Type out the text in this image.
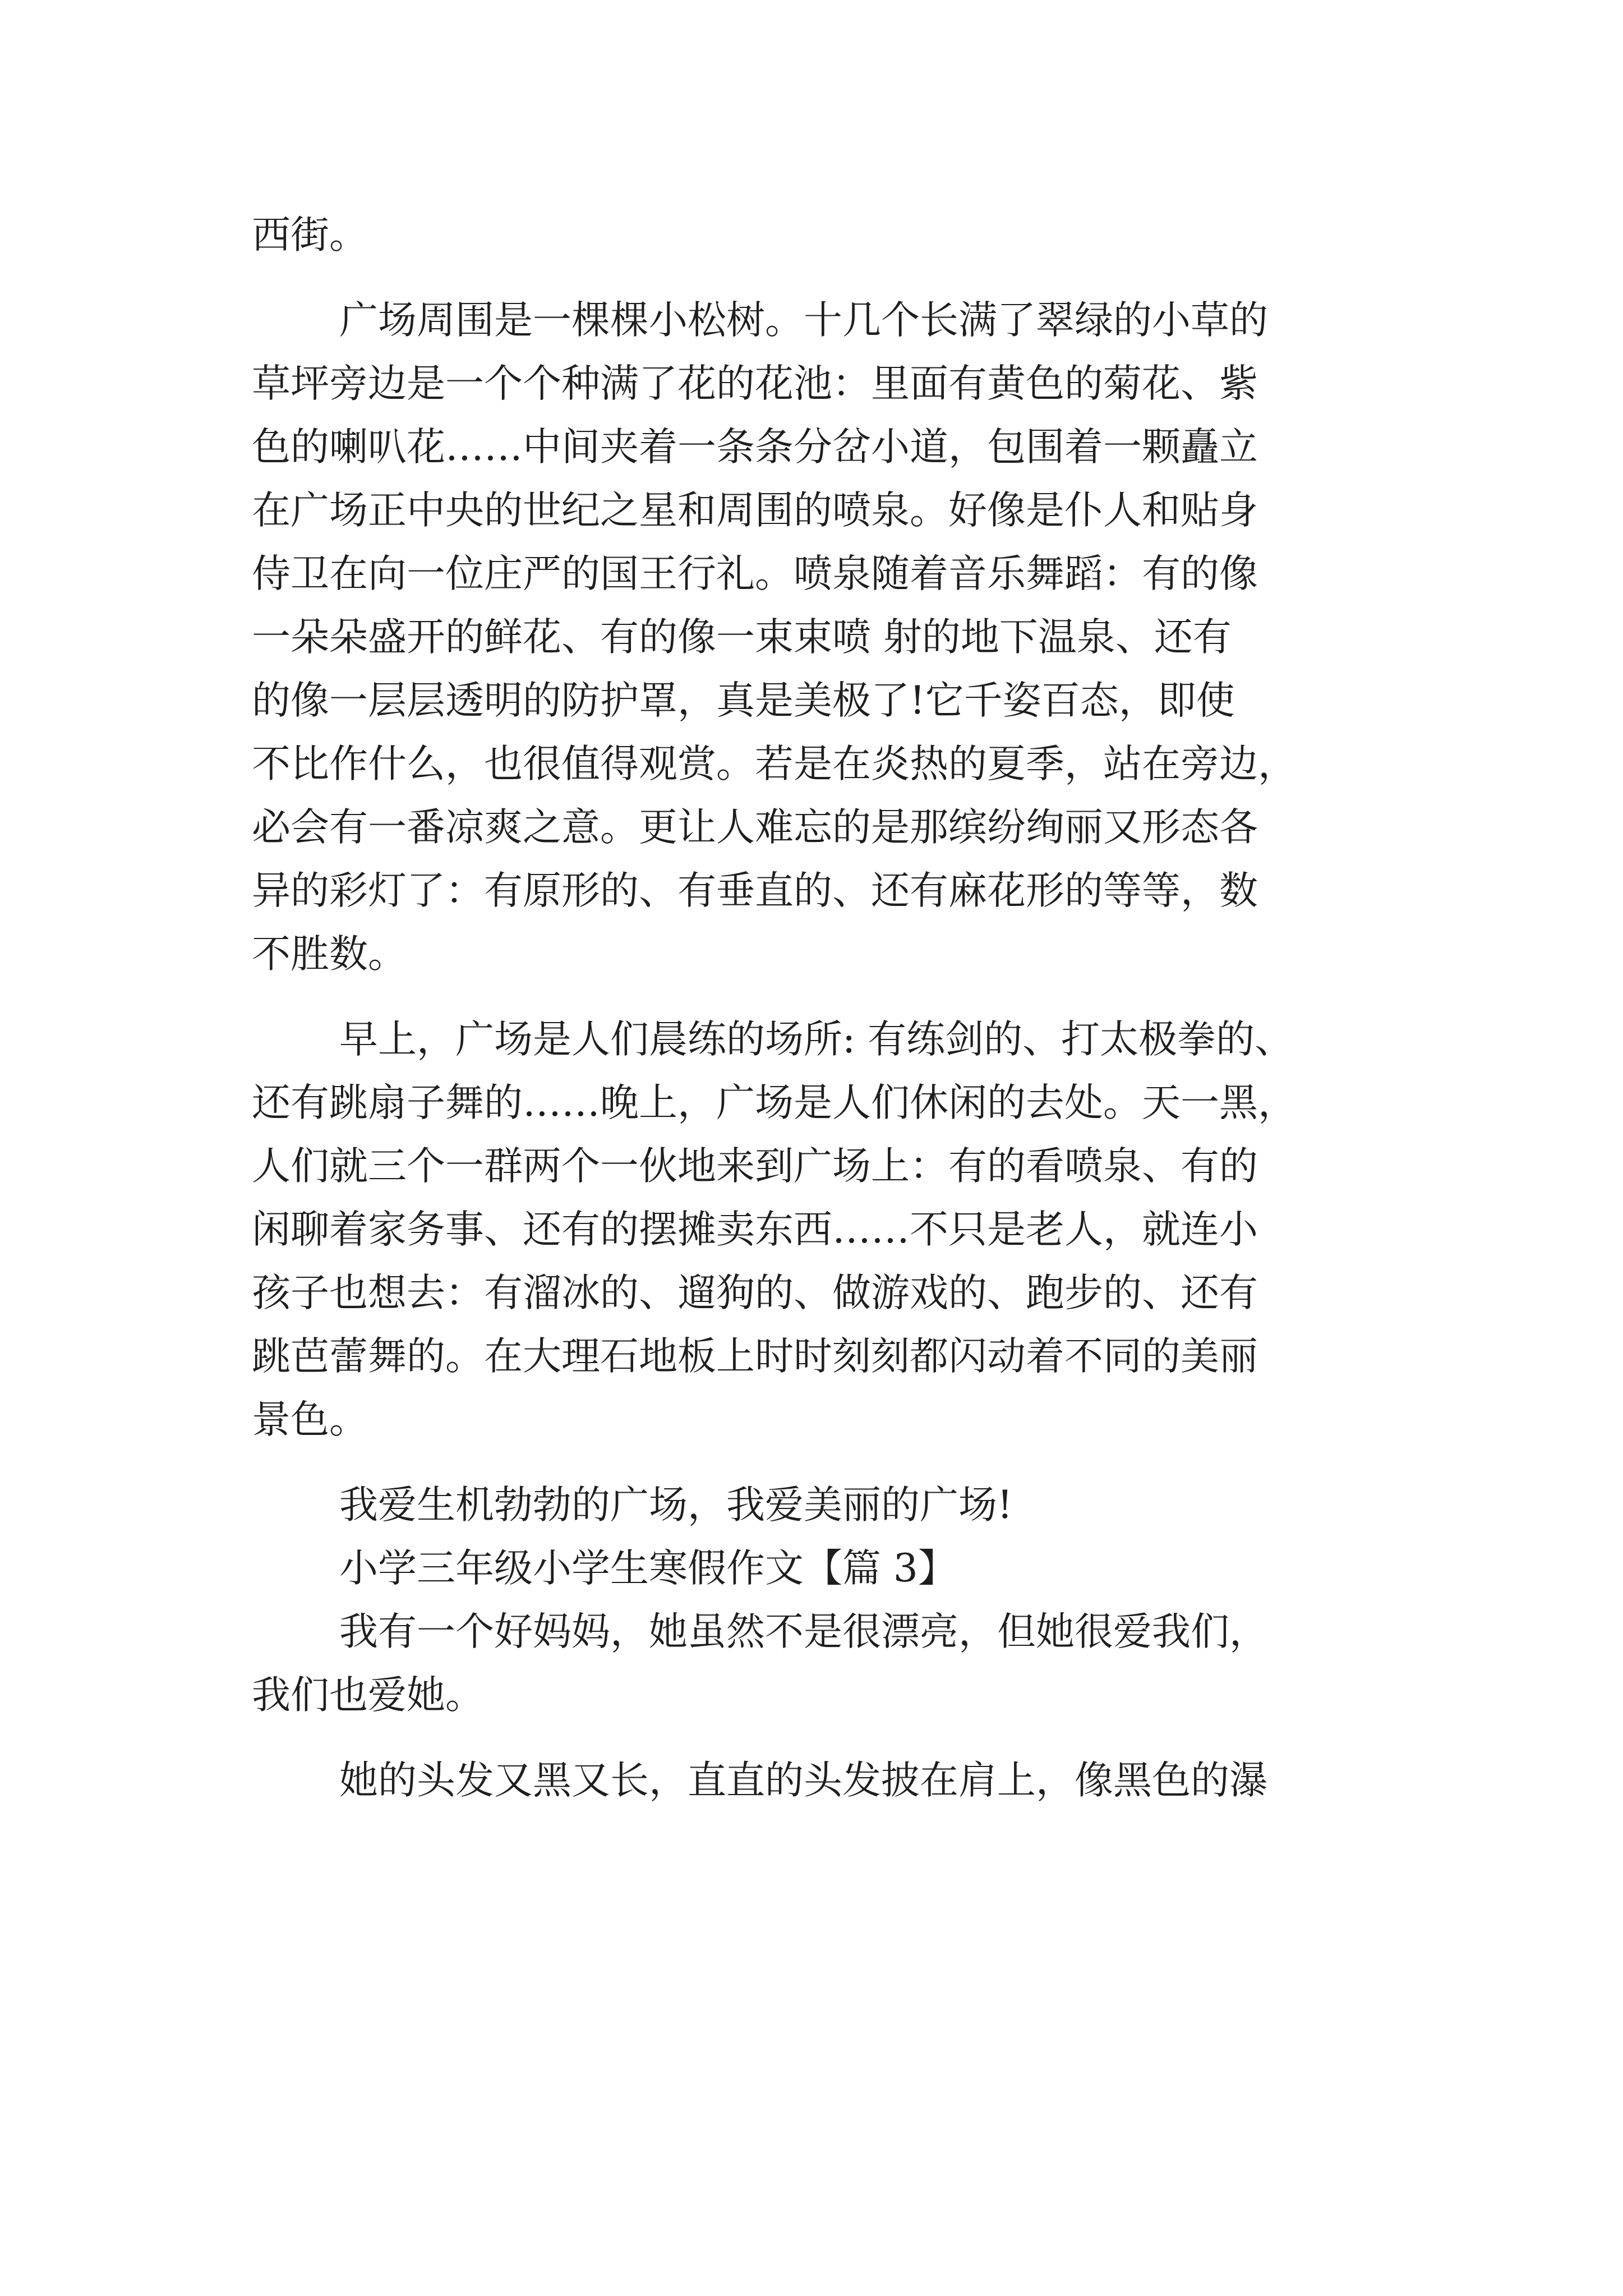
西街。
广场周围是一棵棵小松树。十几个长满了翠绿的小草的
草坪旁边是一个个种满了花的花池：里面有黄色的菊花、紫
色的喇叭花……中间夹着一条条分岔小道，包围着一颗矗立
在广场正中央的世纪之星和周围的喷泉。好像是仆人和贴身
侍卫在向一位庄严的国王行礼。喷泉随着音乐舞蹈：有的像
一朵朵盛开的鲜花、有的像一束束喷 射的地下温泉、还有
的像一层层透明的防护罩，真是美极了!它千姿百态，即使
不比作什么，也很值得观赏。若是在炎热的夏季，站在旁边，
必会有一番凉爽之意。更让人难忘的是那缤纷绚丽又形态各
异的彩灯了：有原形的、有垂直的、还有麻花形的等等，数
不胜数。
早上，广场是人们晨练的场所: 有练剑的、打太极拳的、
还有跳扇子舞的……晚上，广场是人们休闲的去处。天一黑，
人们就三个一群两个一伙地来到广场上：有的看喷泉、有的
闲聊着家务事、还有的摆摊卖东西……不只是老人，就连小
孩子也想去：有溜冰的、遛狗的、做游戏的、跑步的、还有
跳芭蕾舞的。在大理石地板上时时刻刻都闪动着不同的美丽
景色。
我爱生机勃勃的广场，我爱美丽的广场!
小学三年级小学生寒假作文【篇 3】
我有一个好妈妈，她虽然不是很漂亮，但她很爱我们，
我们也爱她。
她的头发又黑又长，直直的头发披在肩上，像黑色的瀑
